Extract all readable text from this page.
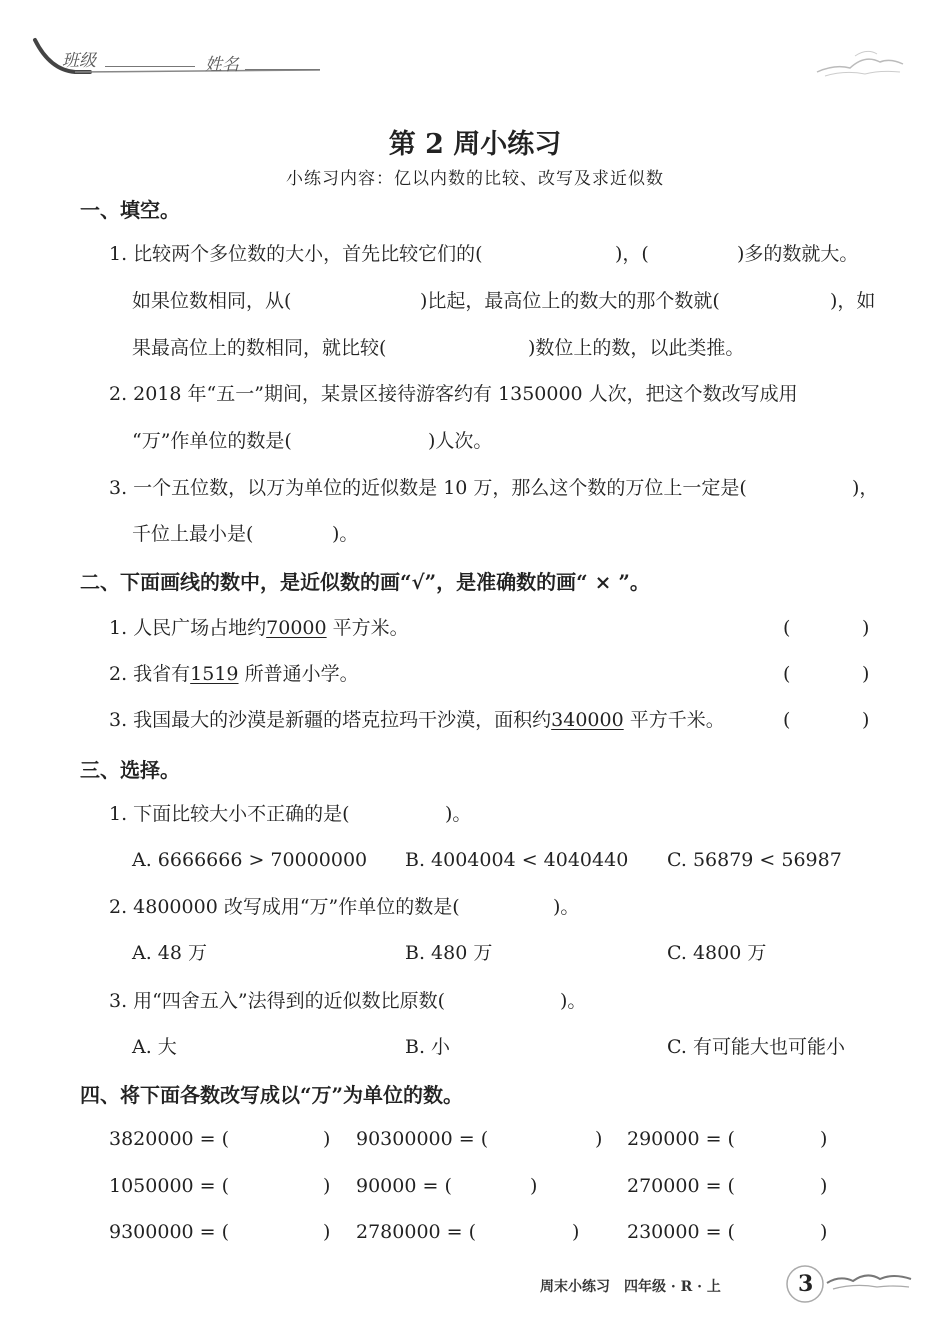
班级	姓名
第 2 周小练习
小练习内容：亿以内数的比较、改写及求近似数
一、填空。
1. 比较两个多位数的大小，首先比较它们的(	)，(	)多的数就大。
如果位数相同，从(	)比起，最高位上的数大的那个数就(	)，如
果最高位上的数相同，就比较(	)数位上的数，以此类推。
2. 2018 年“五一”期间，某景区接待游客约有 1350000 人次，把这个数改写成用
“万”作单位的数是(	)人次。
3. 一个五位数，以万为单位的近似数是 10 万，那么这个数的万位上一定是(	)，
千位上最小是(	)。
二、下面画线的数中，是近似数的画“√”，是准确数的画“ × ”。
1. 人民广场占地约70000 平方米。	(	)
2. 我省有1519 所普通小学。	(	)
3. 我国最大的沙漠是新疆的塔克拉玛干沙漠，面积约340000 平方千米。	(	)
三、选择。
1. 下面比较大小不正确的是(	)。
A. 6666666 > 70000000 B. 4004004 < 4040440 C. 56879 < 56987
2. 4800000 改写成用“万”作单位的数是(	)。
A. 48 万	B. 480 万	C. 4800 万
3. 用“四舍五入”法得到的近似数比原数(	)。
A. 大	B. 小	C. 有可能大也可能小
四、将下面各数改写成以“万”为单位的数。
3820000 = (	) 90300000 = (	) 290000 = (	)
1050000 = (	) 90000 = (	)	270000 = (	)
9300000 = (	) 2780000 = (	)	230000 = (	)
周末小练习　四年级 · R · 上	3
